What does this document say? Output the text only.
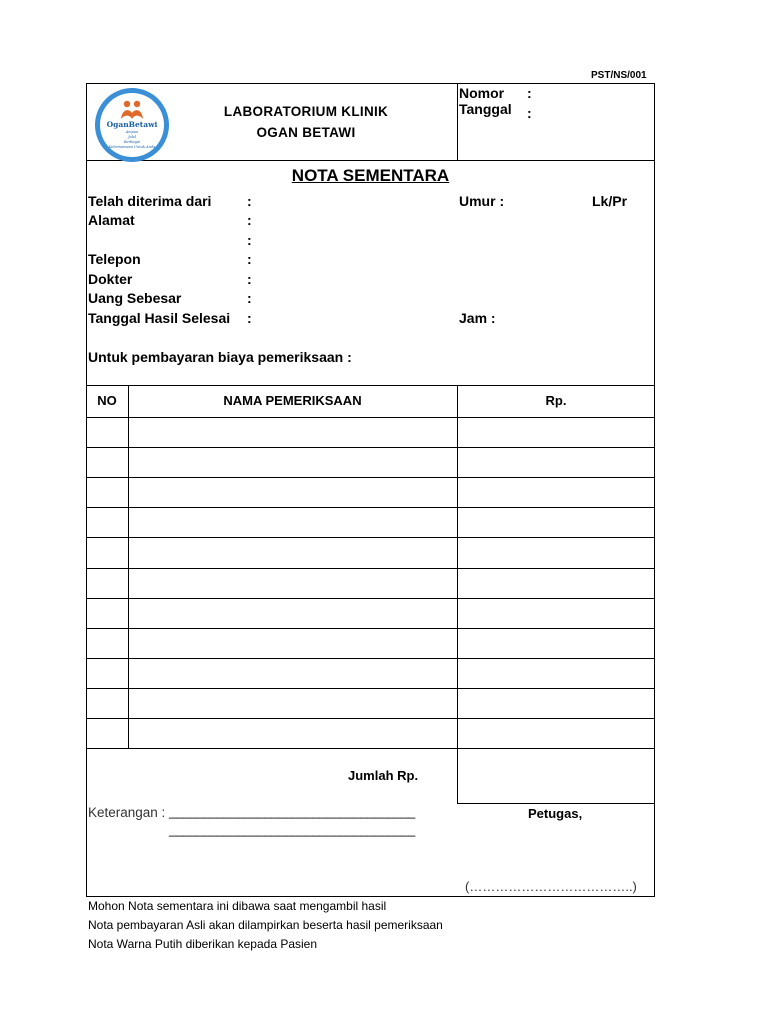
PST/NS/001
OganBetawi
Ampun
Jalal
Berbagai
Kebersamaan Untuk Anda
LABORATORIUM KLINIK
OGAN BETAWI
Nomor :
Tanggal :
NOTA SEMENTARA
Telah diterima dari	:	Umur :	Lk/Pr
Alamat	:
:
Telepon	:
Dokter	:
Uang Sebesar	:
Tanggal Hasil Selesai :	Jam :
Untuk pembayaran biaya pemeriksaan :
NO	NAMA PEMERIKSAAN	Rp.
Jumlah Rp.
Keterangan : ____________________________________
____________________________________
Petugas,
(………………………………..)
Mohon Nota sementara ini dibawa saat mengambil hasil
Nota pembayaran Asli akan dilampirkan beserta hasil pemeriksaan
Nota Warna Putih diberikan kepada Pasien
